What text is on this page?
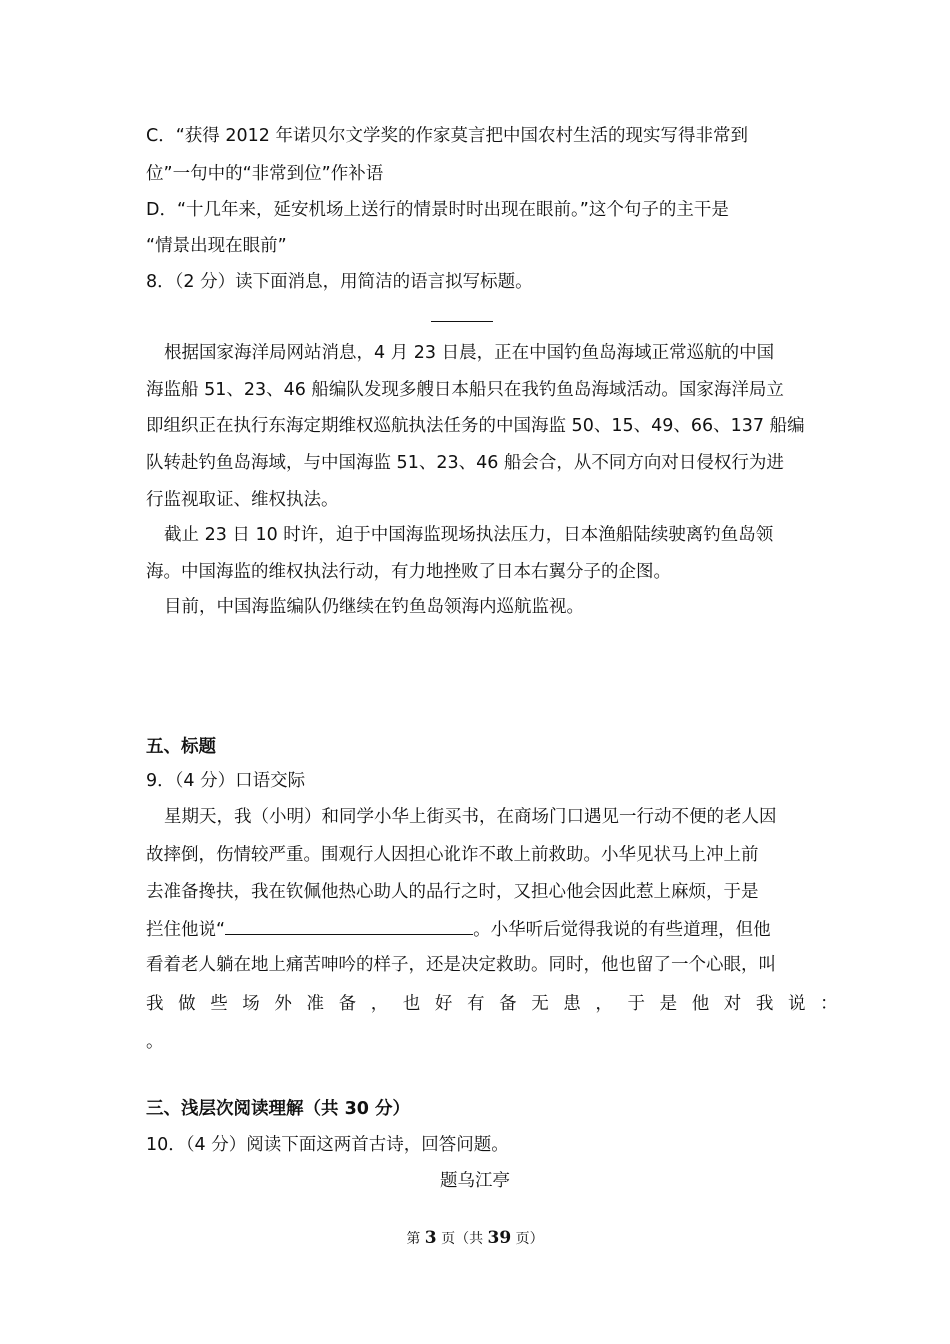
C．“获得 2012 年诺贝尔文学奖的作家莫言把中国农村生活的现实写得非常到
位”一句中的“非常到位”作补语
D．“十几年来，延安机场上送行的情景时时出现在眼前。”这个句子的主干是
“情景出现在眼前”
8．（2 分）读下面消息，用简洁的语言拟写标题。
根据国家海洋局网站消息，4 月 23 日晨，正在中国钓鱼岛海域正常巡航的中国
海监船 51、23、46 船编队发现多艘日本船只在我钓鱼岛海域活动。国家海洋局立
即组织正在执行东海定期维权巡航执法任务的中国海监 50、15、49、66、137 船编
队转赴钓鱼岛海域，与中国海监 51、23、46 船会合，从不同方向对日侵权行为进
行监视取证、维权执法。
截止 23 日 10 时许，迫于中国海监现场执法压力，日本渔船陆续驶离钓鱼岛领
海。中国海监的维权执法行动，有力地挫败了日本右翼分子的企图。
目前，中国海监编队仍继续在钓鱼岛领海内巡航监视。
五、标题
9．（4 分）口语交际
星期天，我（小明）和同学小华上街买书，在商场门口遇见一行动不便的老人因
故摔倒，伤情较严重。围观行人因担心讹诈不敢上前救助。小华见状马上冲上前
去准备搀扶，我在钦佩他热心助人的品行之时，又担心他会因此惹上麻烦，于是
拦住他说“	。小华听后觉得我说的有些道理，但他
看着老人躺在地上痛苦呻吟的样子，还是决定救助。同时，他也留了一个心眼，叫
我做些场外准备，也好有备无患，于是他对我说：
。
三、浅层次阅读理解（共 30 分）
10．（4 分）阅读下面这两首古诗，回答问题。
题乌江亭
第 3 页（共 39 页）
